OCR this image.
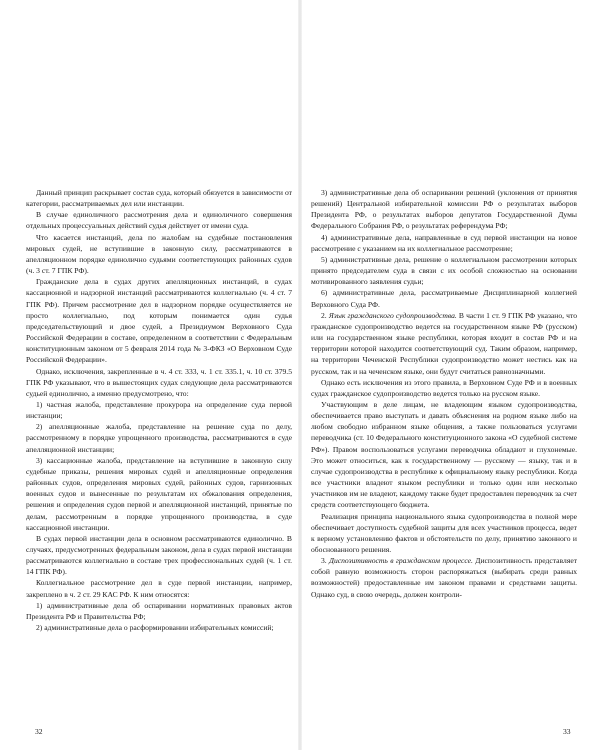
Данный принцип раскрывает состав суда, который обязуется в зависимости от категории, рассматриваемых дел или инстанции.

В случае единоличного рассмотрения дела и единоличного совершения отдельных процессуальных действий судья действует от имени суда.

Что касается инстанций, дела по жалобам на судебные постановления мировых судей, не вступившие в законную силу, рассматриваются в апелляционном порядке единолично судьями соответствующих районных судов (ч. 3 ст. 7 ГПК РФ).

Гражданские дела в судах других апелляционных инстанций, в судах кассационной и надзорной инстанций рассматриваются коллегиально (ч. 4 ст. 7 ГПК РФ). Причем рассмотрение дел в надзорном порядке осуществляется не просто коллегиально, под которым понимается один судья председательствующий и двое судей, а Президиумом Верховного Суда Российской Федерации в составе, определенном в соответствии с Федеральным конституционным законом от 5 февраля 2014 года № 3-ФКЗ «О Верховном Суде Российской Федерации».

Однако, исключения, закрепленные в ч. 4 ст. 333, ч. 1 ст. 335.1, ч. 10 ст. 379.5 ГПК РФ указывают, что в вышестоящих судах следующие дела рассматриваются судьей единолично, а именно предусмотрено, что:

1) частная жалоба, представление прокурора на определение суда первой инстанции;

2) апелляционные жалоба, представление на решение суда по делу, рассмотренному в порядке упрощенного производства, рассматриваются в суде апелляционной инстанции;

3) кассационные жалоба, представление на вступившие в законную силу судебные приказы, решения мировых судей и апелляционные определения районных судов, определения мировых судей, районных судов, гарнизонных военных судов и вынесенные по результатам их обжалования определения, решения и определения судов первой и апелляционной инстанций, принятые по делам, рассмотренным в порядке упрощенного производства, в суде кассационной инстанции.

В судах первой инстанции дела в основном рассматриваются единолично. В случаях, предусмотренных федеральным законом, дела в судах первой инстанции рассматриваются коллегиально в составе трех профессиональных судей (ч. 1 ст. 14 ГПК РФ).

Коллегиальное рассмотрение дел в суде первой инстанции, например, закреплено в ч. 2 ст. 29 КАС РФ. К ним относятся:

1) административные дела об оспаривании нормативных правовых актов Президента РФ и Правительства РФ;

2) административные дела о расформировании избирательных комиссий;

3) административные дела об оспаривании решений (уклонения от принятия решений) Центральной избирательной комиссии РФ о результатах выборов Президента РФ, о результатах выборов депутатов Государственной Думы Федерального Собрания РФ, о результатах референдума РФ;

4) административные дела, направленные в суд первой инстанции на новое рассмотрение с указанием на их коллегиальное рассмотрение;

5) административные дела, решение о коллегиальном рассмотрении которых принято председателем суда в связи с их особой сложностью на основании мотивированного заявления судьи;

6) административные дела, рассматриваемые Дисциплинарной коллегией Верховного Суда РФ.

2. Язык гражданского судопроизводства. В части 1 ст. 9 ГПК РФ указано, что гражданское судопроизводство ведется на государственном языке РФ (русском) или на государственном языке республики, которая входит в состав РФ и на территории которой находится соответствующий суд. Таким образом, например, на территории Чеченской Республики судопроизводство может нестись как на русском, так и на чеченском языке, они будут считаться равнозначными.

Однако есть исключения из этого правила, в Верховном Суде РФ и в военных судах гражданское судопроизводство ведется только на русском языке.

Участвующим в деле лицам, не владеющим языком судопроизводства, обеспечивается право выступать и давать объяснения на родном языке либо на любом свободно избранном языке общения, а также пользоваться услугами переводчика (ст. 10 Федерального конституционного закона «О судебной системе РФ»). Правом воспользоваться услугами переводчика обладают и глухонемые. Это может относиться, как к государственному — русскому — языку, так и в случае судопроизводства в республике к официальному языку республики. Когда все участники владеют языком республики и только один или несколько участников им не владеют, каждому также будет предоставлен переводчик за счет средств соответствующего бюджета.

Реализация принципа национального языка судопроизводства в полной мере обеспечивает доступность судебной защиты для всех участников процесса, ведет к верному установлению фактов и обстоятельств по делу, принятию законного и обоснованного решения.

3. Диспозитивность в гражданском процессе. Диспозитивность представляет собой равную возможность сторон распоряжаться (выбирать среди равных возможностей) предоставленные им законом правами и средствами защиты. Однако суд, в свою очередь, должен контроли-

32	33
